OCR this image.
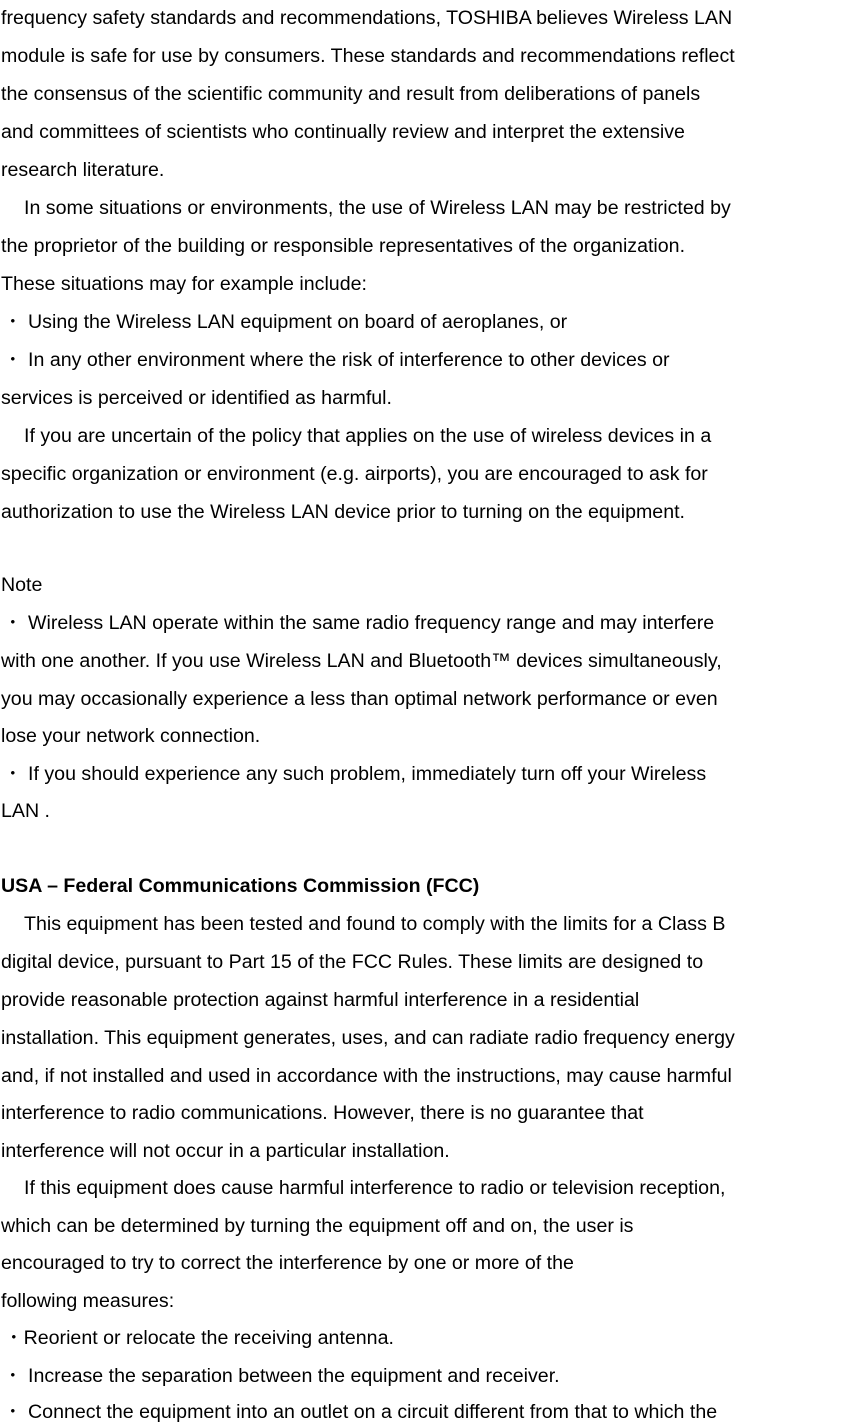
frequency safety standards and recommendations, TOSHIBA believes Wireless LAN
module is safe for use by consumers. These standards and recommendations reflect
the consensus of the scientific community and result from deliberations of panels
and committees of scientists who continually review and interpret the extensive
research literature.
In some situations or environments, the use of Wireless LAN may be restricted by
the proprietor of the building or responsible representatives of the organization.
These situations may for example include:
・ Using the Wireless LAN equipment on board of aeroplanes, or
・ In any other environment where the risk of interference to other devices or
services is perceived or identified as harmful.
If you are uncertain of the policy that applies on the use of wireless devices in a
specific organization or environment (e.g. airports), you are encouraged to ask for
authorization to use the Wireless LAN device prior to turning on the equipment.
Note
・ Wireless LAN operate within the same radio frequency range and may interfere
with one another. If you use Wireless LAN and Bluetooth™ devices simultaneously,
you may occasionally experience a less than optimal network performance or even
lose your network connection.
・ If you should experience any such problem, immediately turn off your Wireless
LAN .
USA – Federal Communications Commission (FCC)
This equipment has been tested and found to comply with the limits for a Class B
digital device, pursuant to Part 15 of the FCC Rules. These limits are designed to
provide reasonable protection against harmful interference in a residential
installation. This equipment generates, uses, and can radiate radio frequency energy
and, if not installed and used in accordance with the instructions, may cause harmful
interference to radio communications. However, there is no guarantee that
interference will not occur in a particular installation.
If this equipment does cause harmful interference to radio or television reception,
which can be determined by turning the equipment off and on, the user is
encouraged to try to correct the interference by one or more of the
following measures:
・Reorient or relocate the receiving antenna.
・ Increase the separation between the equipment and receiver.
・ Connect the equipment into an outlet on a circuit different from that to which the
